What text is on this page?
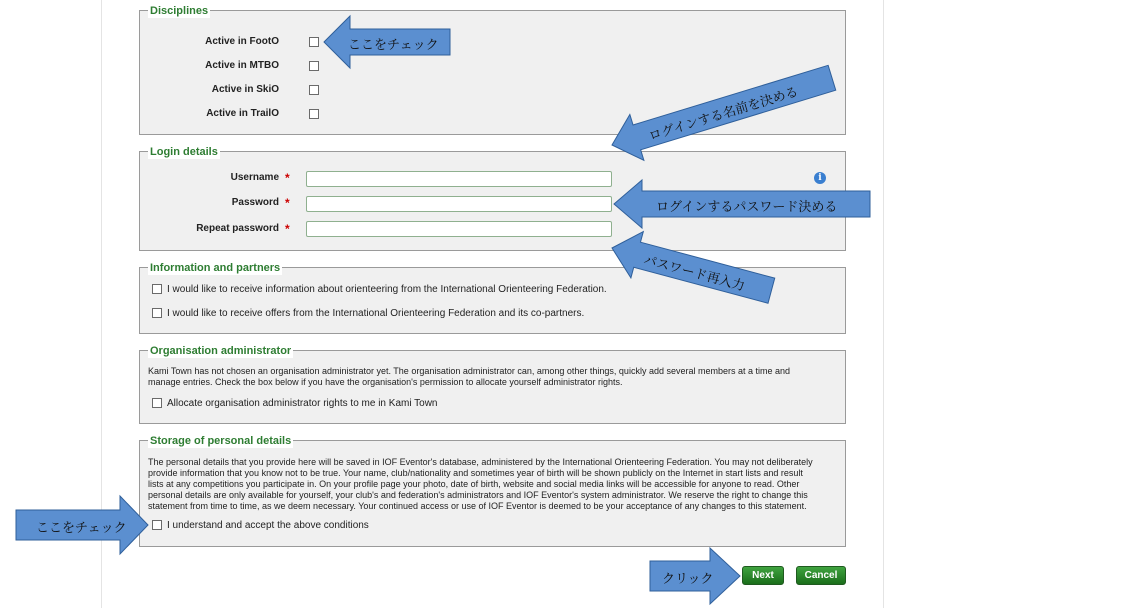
Disciplines
Active in FootO
Active in MTBO
Active in SkiO
Active in TrailO
Login details
Username *	i
Password *
Repeat password *
Information and partners
I would like to receive information about orienteering from the International Orienteering Federation.
I would like to receive offers from the International Orienteering Federation and its co-partners.
Organisation administrator
Kami Town has not chosen an organisation administrator yet. The organisation administrator can, among other things, quickly add several members at a time and
manage entries. Check the box below if you have the organisation's permission to allocate yourself administrator rights.
Allocate organisation administrator rights to me in Kami Town
Storage of personal details
The personal details that you provide here will be saved in IOF Eventor's database, administered by the International Orienteering Federation. You may not deliberately
provide information that you know not to be true. Your name, club/nationality and sometimes year of birth will be shown publicly on the Internet in start lists and result
lists at any competitions you participate in. On your profile page your photo, date of birth, website and social media links will be accessible for anyone to read. Other
personal details are only available for yourself, your club's and federation's administrators and IOF Eventor's system administrator. We reserve the right to change this
statement from time to time, as we deem necessary. Your continued access or use of IOF Eventor is deemed to be your acceptance of any changes to this statement.
I understand and accept the above conditions
Next	Cancel
ここをチェック
ログインする名前を決める
ログインするパスワード決める
パスワード再入力
ここをチェック
クリック
